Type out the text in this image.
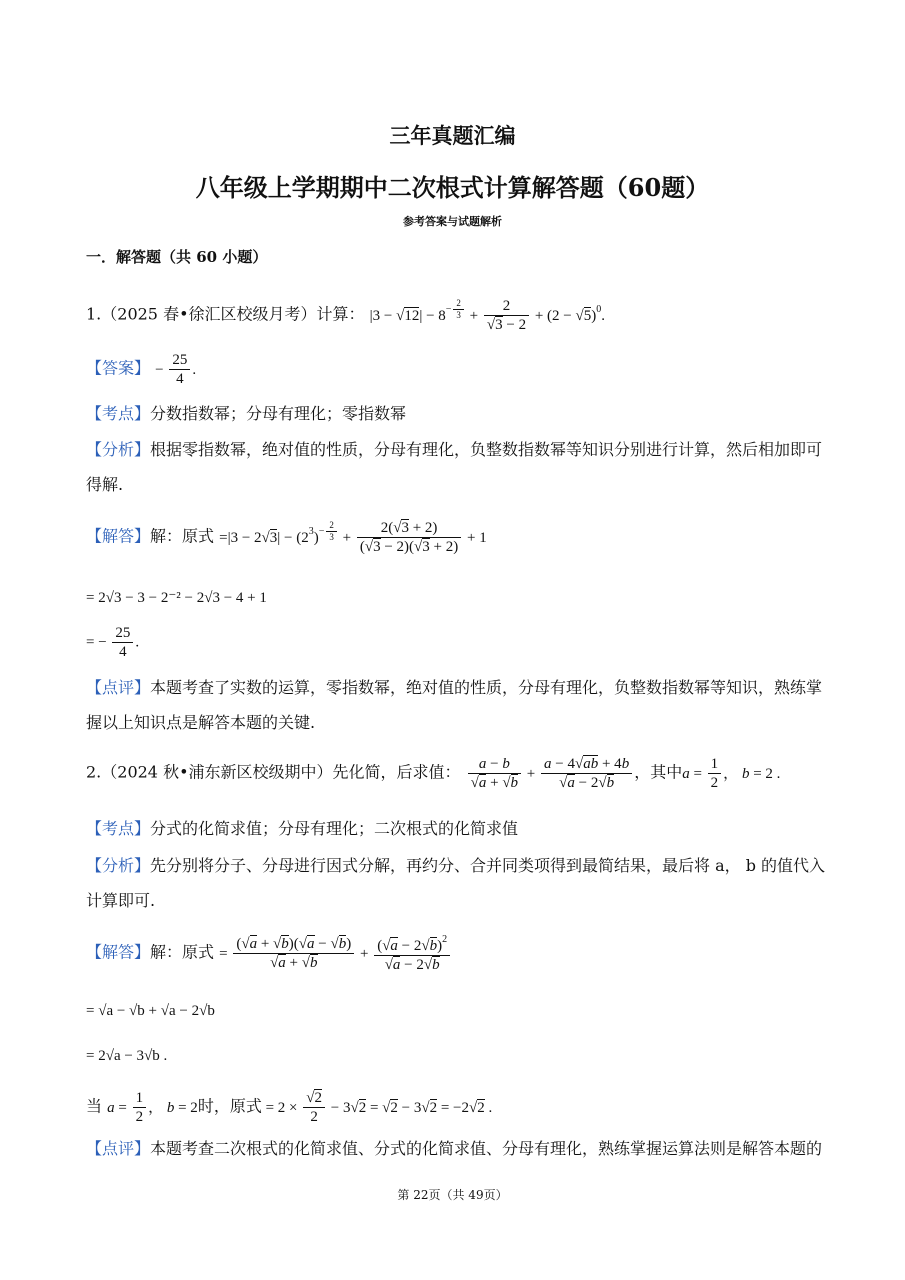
三年真题汇编
八年级上学期期中二次根式计算解答题（60题）
参考答案与试题解析
一．解答题（共 60 小题）
1.（2025 春•徐汇区校级月考）计算： $|3 - √12| - 8^{- \frac{2}{3}} + \frac{2}{√3 - 2} + (2 - √5)^0$.
【答案】 − $\frac{25}{4}$ .
【考点】分数指数幂；分母有理化；零指数幂
【分析】根据零指数幂，绝对值的性质，分母有理化，负整数指数幂等知识分别进行计算，然后相加即可
得解.
【解答】解：原式 $=|3 - 2√3| - (2^3)^{- \frac{2}{3}} + \frac{2(√3 + 2)}{(√3 - 2)(√3 + 2)} + 1$
= 2√3 − 3 − 2⁻² − 2√3 − 4 + 1
= − $\frac{25}{4}$ .
【点评】本题考查了实数的运算，零指数幂，绝对值的性质，分母有理化，负整数指数幂等知识，熟练掌
握以上知识点是解答本题的关键.
2.（2024 秋•浦东新区校级期中）先化简，后求值： $\frac{a - b}{√a + √b} + \frac{a - 4√ab + 4b}{√a - 2√b}$ ，其中$a = \frac{1}{2}$ ， b = 2 .
【考点】分式的化简求值；分母有理化；二次根式的化简求值
【分析】先分别将分子、分母进行因式分解，再约分、合并同类项得到最简结果，最后将 a， b 的值代入
计算即可.
【解答】解：原式 = $\frac{(√a + √b)(√a - √b)}{√a + √b} + \frac{(√a - 2√b)^2}{√a - 2√b}$
= √a − √b + √a − 2√b
= 2√a − 3√b .
当 $a = \frac{1}{2}$ ， b = 2时，原式 = $2 \times \frac{√2}{2} - 3√2 = √2 - 3√2 = -2√2$ .
【点评】本题考查二次根式的化简求值、分式的化简求值、分母有理化，熟练掌握运算法则是解答本题的
第 22页（共 49页）
